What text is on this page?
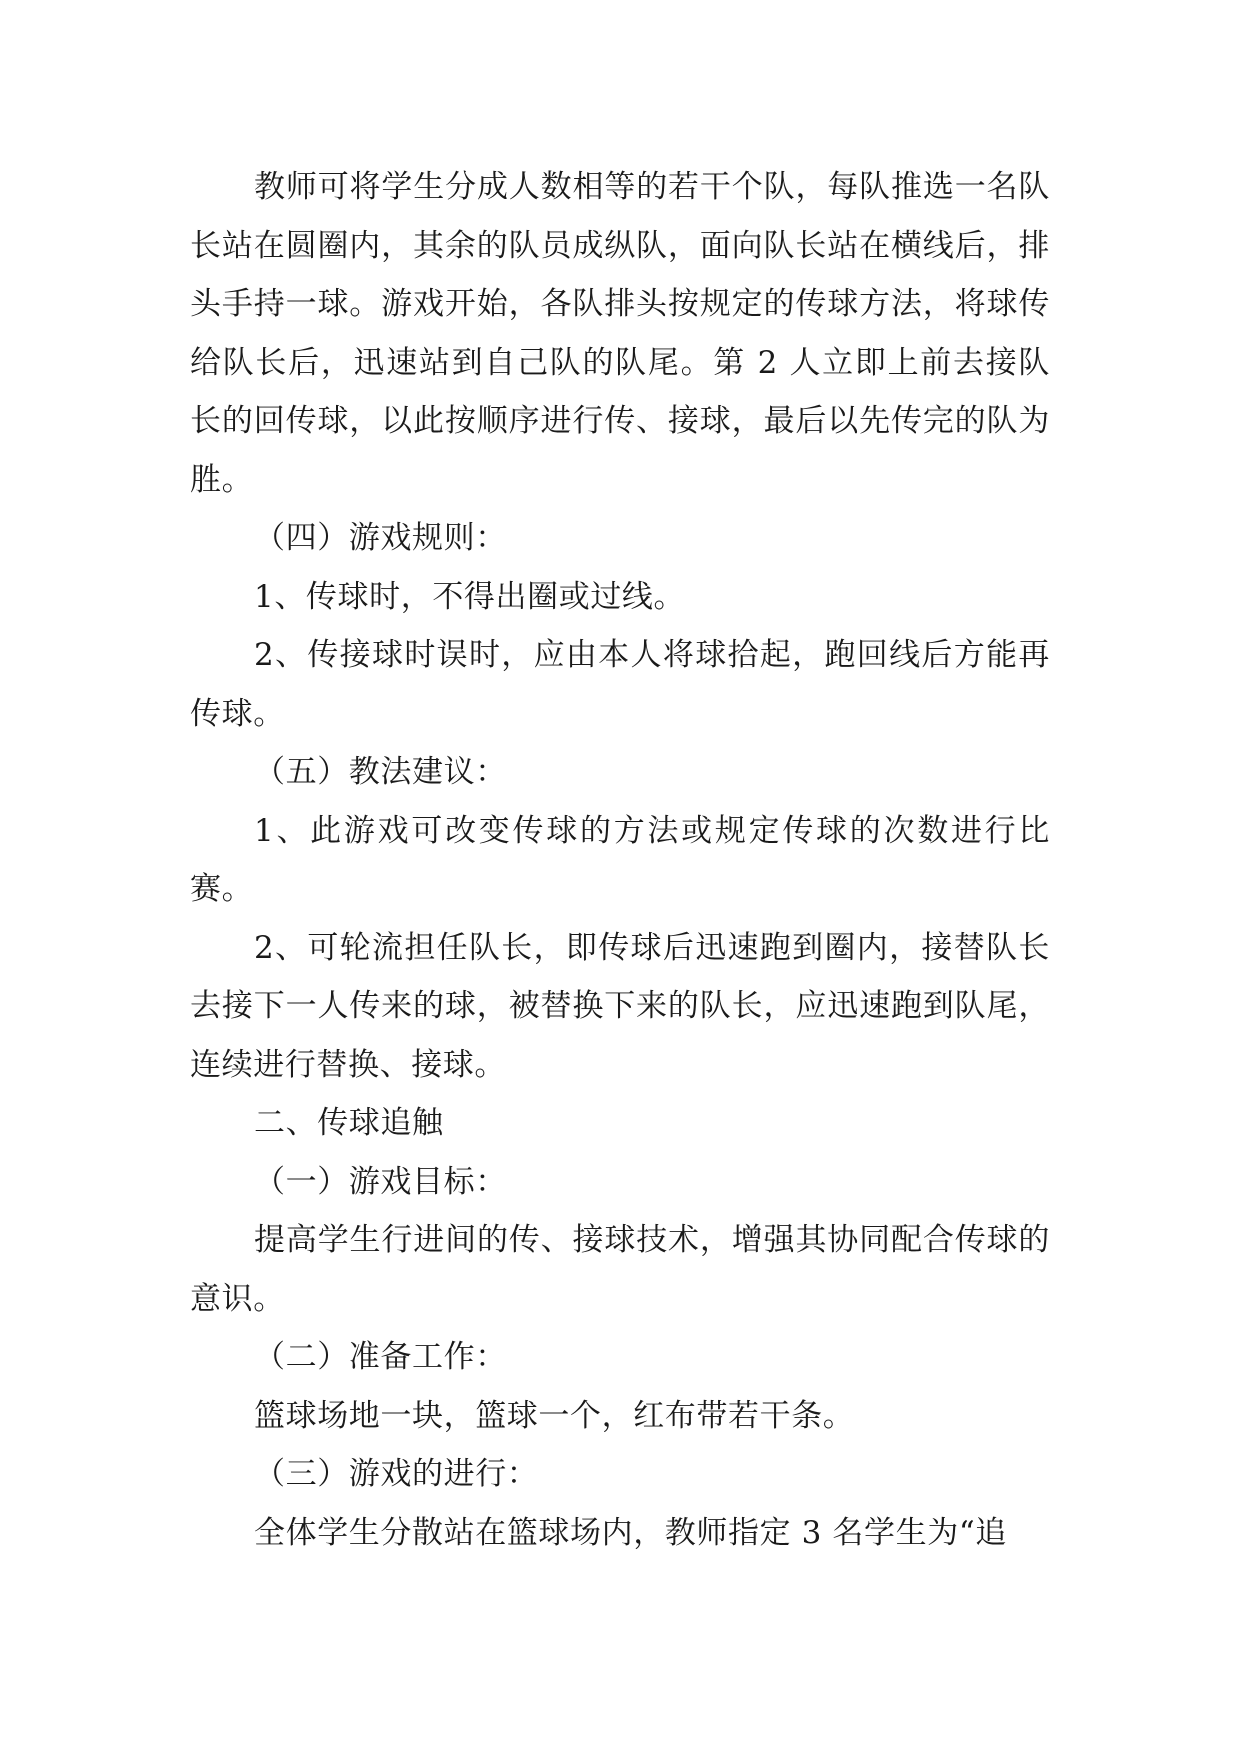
教师可将学生分成人数相等的若干个队，每队推选一名队长站在圆圈内，其余的队员成纵队，面向队长站在横线后，排头手持一球。游戏开始，各队排头按规定的传球方法，将球传给队长后，迅速站到自己队的队尾。第 2 人立即上前去接队长的回传球，以此按顺序进行传、接球，最后以先传完的队为胜。

（四）游戏规则：

1、传球时，不得出圈或过线。

2、传接球时误时，应由本人将球拾起，跑回线后方能再传球。

（五）教法建议：

1、此游戏可改变传球的方法或规定传球的次数进行比赛。

2、可轮流担任队长，即传球后迅速跑到圈内，接替队长去接下一人传来的球，被替换下来的队长，应迅速跑到队尾，连续进行替换、接球。

二、传球追触

（一）游戏目标：

提高学生行进间的传、接球技术，增强其协同配合传球的意识。

（二）准备工作：

篮球场地一块，篮球一个，红布带若干条。

（三）游戏的进行：

全体学生分散站在篮球场内，教师指定 3 名学生为“追
